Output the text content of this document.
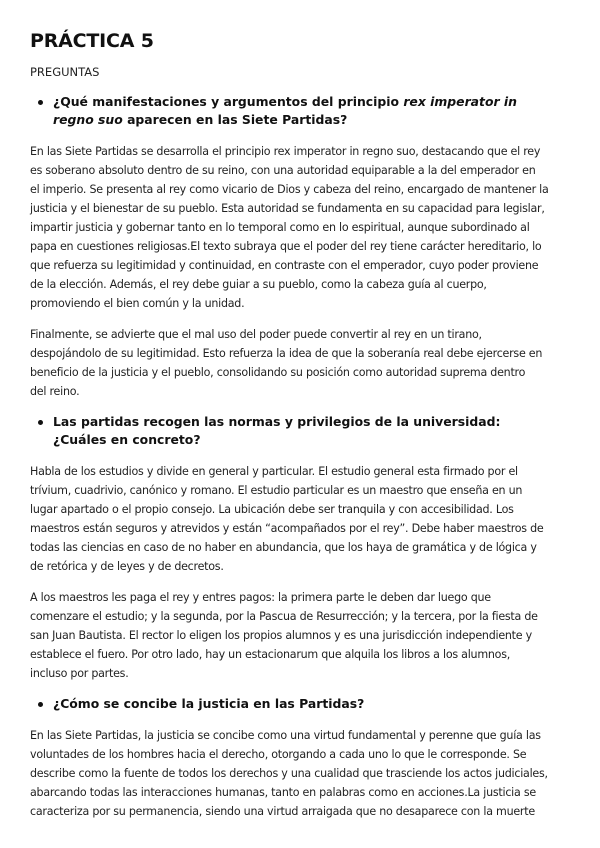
PRÁCTICA 5
PREGUNTAS
¿Qué manifestaciones y argumentos del principio rex imperator in regno suo aparecen en las Siete Partidas?
En las Siete Partidas se desarrolla el principio rex imperator in regno suo, destacando que el rey
es soberano absoluto dentro de su reino, con una autoridad equiparable a la del emperador en
el imperio. Se presenta al rey como vicario de Dios y cabeza del reino, encargado de mantener la
justicia y el bienestar de su pueblo. Esta autoridad se fundamenta en su capacidad para legislar,
impartir justicia y gobernar tanto en lo temporal como en lo espiritual, aunque subordinado al
papa en cuestiones religiosas.El texto subraya que el poder del rey tiene carácter hereditario, lo
que refuerza su legitimidad y continuidad, en contraste con el emperador, cuyo poder proviene
de la elección. Además, el rey debe guiar a su pueblo, como la cabeza guía al cuerpo,
promoviendo el bien común y la unidad.
Finalmente, se advierte que el mal uso del poder puede convertir al rey en un tirano,
despojándolo de su legitimidad. Esto refuerza la idea de que la soberanía real debe ejercerse en
beneficio de la justicia y el pueblo, consolidando su posición como autoridad suprema dentro
del reino.
Las partidas recogen las normas y privilegios de la universidad: ¿Cuáles en concreto?
Habla de los estudios y divide en general y particular. El estudio general esta firmado por el
trívium, cuadrivio, canónico y romano. El estudio particular es un maestro que enseña en un
lugar apartado o el propio consejo. La ubicación debe ser tranquila y con accesibilidad. Los
maestros están seguros y atrevidos y están “acompañados por el rey”. Debe haber maestros de
todas las ciencias en caso de no haber en abundancia, que los haya de gramática y de lógica y
de retórica y de leyes y de decretos.
A los maestros les paga el rey y entres pagos: la primera parte le deben dar luego que
comenzare el estudio; y la segunda, por la Pascua de Resurrección; y la tercera, por la fiesta de
san Juan Bautista. El rector lo eligen los propios alumnos y es una jurisdicción independiente y
establece el fuero. Por otro lado, hay un estacionarum que alquila los libros a los alumnos,
incluso por partes.
¿Cómo se concibe la justicia en las Partidas?
En las Siete Partidas, la justicia se concibe como una virtud fundamental y perenne que guía las
voluntades de los hombres hacia el derecho, otorgando a cada uno lo que le corresponde. Se
describe como la fuente de todos los derechos y una cualidad que trasciende los actos judiciales,
abarcando todas las interacciones humanas, tanto en palabras como en acciones.La justicia se
caracteriza por su permanencia, siendo una virtud arraigada que no desaparece con la muerte
